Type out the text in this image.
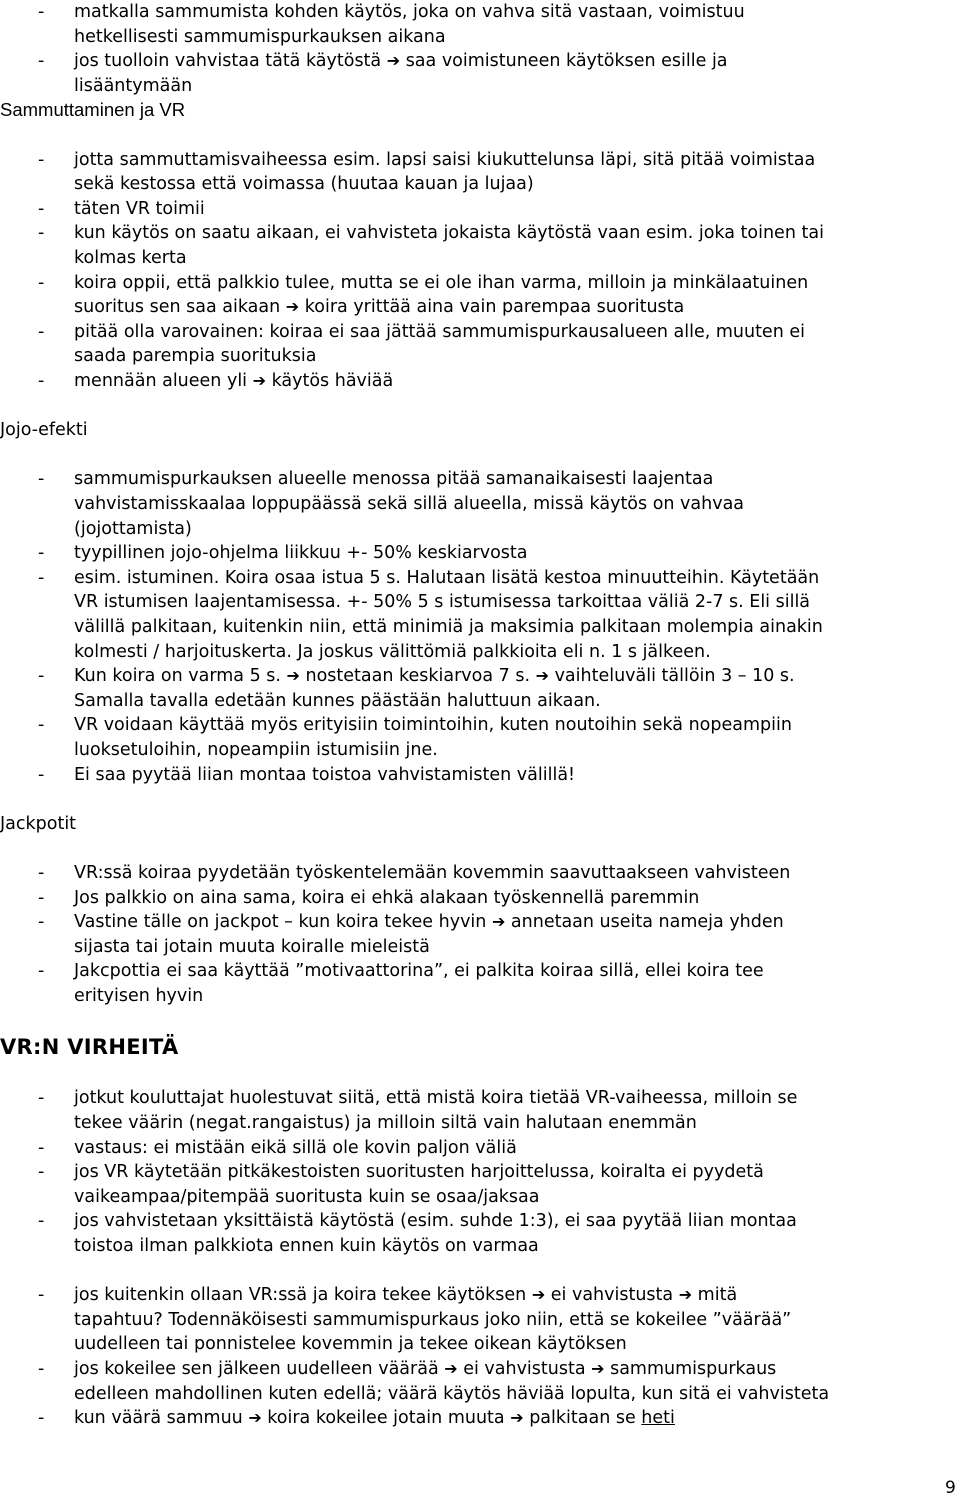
- matkalla sammumista kohden käytös, joka on vahva sitä vastaan, voimistuu
hetkellisesti sammumispurkauksen aikana
- jos tuolloin vahvistaa tätä käytöstä ➔ saa voimistuneen käytöksen esille ja
lisääntymään
Sammuttaminen ja VR
- jotta sammuttamisvaiheessa esim. lapsi saisi kiukuttelunsa läpi, sitä pitää voimistaa
sekä kestossa että voimassa (huutaa kauan ja lujaa)
- täten VR toimii
- kun käytös on saatu aikaan, ei vahvisteta jokaista käytöstä vaan esim. joka toinen tai
kolmas kerta
- koira oppii, että palkkio tulee, mutta se ei ole ihan varma, milloin ja minkälaatuinen
suoritus sen saa aikaan ➔ koira yrittää aina vain parempaa suoritusta
- pitää olla varovainen: koiraa ei saa jättää sammumispurkausalueen alle, muuten ei
saada parempia suorituksia
- mennään alueen yli ➔ käytös häviää
Jojo-efekti
- sammumispurkauksen alueelle menossa pitää samanaikaisesti laajentaa
vahvistamisskaalaa loppupäässä sekä sillä alueella, missä käytös on vahvaa
(jojottamista)
- tyypillinen jojo-ohjelma liikkuu +- 50% keskiarvosta
- esim. istuminen. Koira osaa istua 5 s. Halutaan lisätä kestoa minuutteihin. Käytetään
VR istumisen laajentamisessa. +- 50% 5 s istumisessa tarkoittaa väliä 2-7 s. Eli sillä
välillä palkitaan, kuitenkin niin, että minimiä ja maksimia palkitaan molempia ainakin
kolmesti / harjoituskerta. Ja joskus välittömiä palkkioita eli n. 1 s jälkeen.
- Kun koira on varma 5 s. ➔ nostetaan keskiarvoa 7 s. ➔ vaihteluväli tällöin 3 – 10 s.
Samalla tavalla edetään kunnes päästään haluttuun aikaan.
- VR voidaan käyttää myös erityisiin toimintoihin, kuten noutoihin sekä nopeampiin
luoksetuloihin, nopeampiin istumisiin jne.
- Ei saa pyytää liian montaa toistoa vahvistamisten välillä!
Jackpotit
- VR:ssä koiraa pyydetään työskentelemään kovemmin saavuttaakseen vahvisteen
- Jos palkkio on aina sama, koira ei ehkä alakaan työskennellä paremmin
- Vastine tälle on jackpot – kun koira tekee hyvin ➔ annetaan useita nameja yhden
sijasta tai jotain muuta koiralle mieleistä
- Jakcpottia ei saa käyttää ”motivaattorina”, ei palkita koiraa sillä, ellei koira tee
erityisen hyvin
VR:N VIRHEITÄ
- jotkut kouluttajat huolestuvat siitä, että mistä koira tietää VR-vaiheessa, milloin se
tekee väärin (negat.rangaistus) ja milloin siltä vain halutaan enemmän
- vastaus: ei mistään eikä sillä ole kovin paljon väliä
- jos VR käytetään pitkäkestoisten suoritusten harjoittelussa, koiralta ei pyydetä
vaikeampaa/pitempää suoritusta kuin se osaa/jaksaa
- jos vahvistetaan yksittäistä käytöstä (esim. suhde 1:3), ei saa pyytää liian montaa
toistoa ilman palkkiota ennen kuin käytös on varmaa
- jos kuitenkin ollaan VR:ssä ja koira tekee käytöksen ➔ ei vahvistusta ➔ mitä
tapahtuu? Todennäköisesti sammumispurkaus joko niin, että se kokeilee ”väärää”
uudelleen tai ponnistelee kovemmin ja tekee oikean käytöksen
- jos kokeilee sen jälkeen uudelleen väärää ➔ ei vahvistusta ➔ sammumispurkaus
edelleen mahdollinen kuten edellä; väärä käytös häviää lopulta, kun sitä ei vahvisteta
- kun väärä sammuu ➔ koira kokeilee jotain muuta ➔ palkitaan se heti
9
